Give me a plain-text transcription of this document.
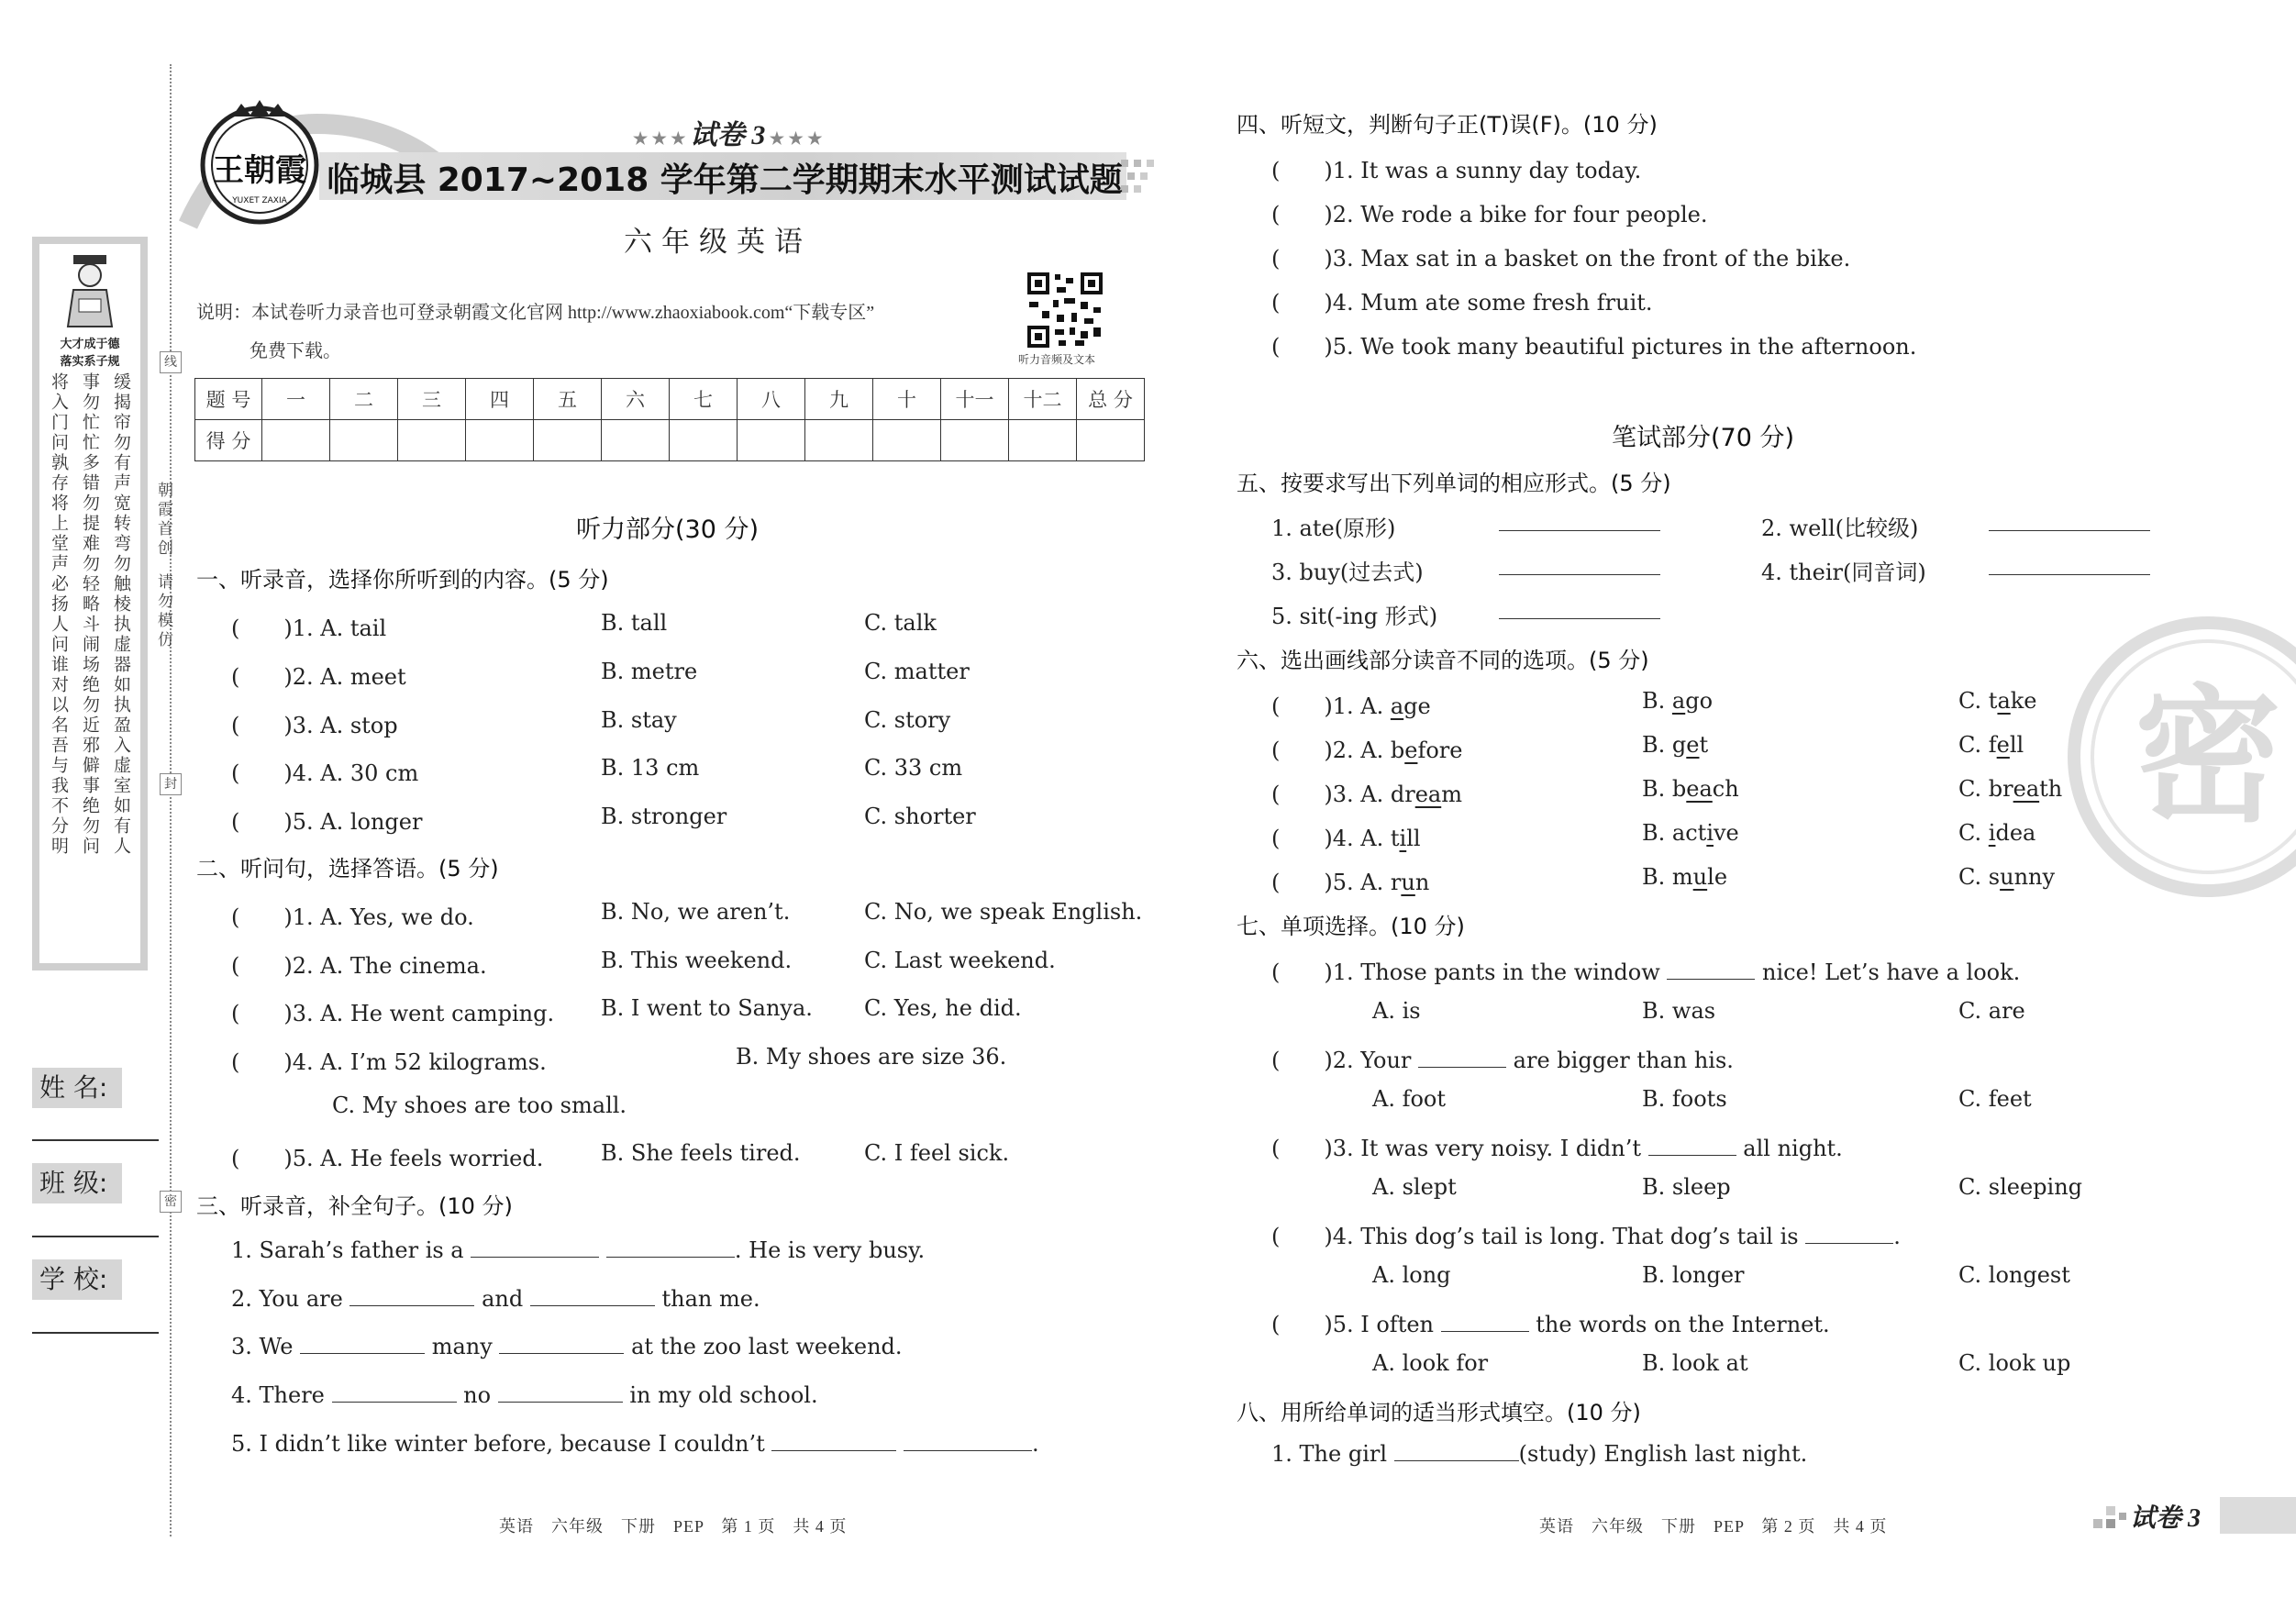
线
封
密
朝霞首创
请勿模仿
大才成于德
落实系子规
将入门问孰存将上堂声必扬人问谁对以名吾与我不分明 事勿忙忙多错勿提难勿轻略斗闹场绝勿近邪僻事绝勿问 缓揭帘勿有声宽转弯勿触棱执虚器如执盈入虚室如有人
姓 名:
班 级:
学 校:
王朝霞
YUXET ZAXIA
★ ★ ★ 试卷 3 ★ ★ ★
临城县 2017~2018 学年第二学期期末水平测试试题
六年级英语
说明：本试卷听力录音也可登录朝霞文化官网 http://www.zhaoxiabook.com“下载专区”
免费下载。	听力音频及文本
题 号	一	二	三	四	五	六	七	八	九	十	十一	十二	总 分
得 分													
听力部分(30 分)
一、听录音，选择你所听到的内容。(5 分)
(　　)1. A. tail	B. tall	C. talk
(　　)2. A. meet	B. metre	C. matter
(　　)3. A. stop	B. stay	C. story
(　　)4. A. 30 cm	B. 13 cm	C. 33 cm
(　　)5. A. longer	B. stronger	C. shorter
二、听问句，选择答语。(5 分)
(　　)1. A. Yes, we do.	B. No, we aren’t.	C. No, we speak English.
(　　)2. A. The cinema.	B. This weekend.	C. Last weekend.
(　　)3. A. He went camping. B. I went to Sanya. C. Yes, he did.
(　　)4. A. I’m 52 kilograms.	B. My shoes are size 36.
C. My shoes are too small.
(　　)5. A. He feels worried.	B. She feels tired.	C. I feel sick.
三、听录音，补全句子。(10 分)
1. Sarah’s father is a	. He is very busy.
2. You are	and	than me.
3. We	many	at the zoo last weekend.
4. There	no	in my old school.
5. I didn’t like winter before, because I couldn’t	.
英语　六年级　下册　PEP　第 1 页　共 4 页
四、听短文，判断句子正(T)误(F)。(10 分)
(　　)1. It was a sunny day today.
(　　)2. We rode a bike for four people.
(　　)3. Max sat in a basket on the front of the bike.
(　　)4. Mum ate some fresh fruit.
(　　)5. We took many beautiful pictures in the afternoon.
笔试部分(70 分)
五、按要求写出下列单词的相应形式。(5 分)
1. ate(原形)	2. well(比较级)
3. buy(过去式)	4. their(同音词)
5. sit(-ing 形式)
六、选出画线部分读音不同的选项。(5 分)
(　　)1. A. age	B. ago	C. take
(　　)2. A. before	B. get	C. fell
(　　)3. A. dream	B. beach	C. breath
(　　)4. A. till	B. active	C. idea
(　　)5. A. run	B. mule	C. sunny
七、单项选择。(10 分)
(　　)1. Those pants in the window	nice! Let’s have a look.
A. is	B. was	C. are
(　　)2. Your	are bigger than his.
A. foot	B. foots	C. feet
(　　)3. It was very noisy. I didn’t	all night.
A. slept	B. sleep	C. sleeping
(　　)4. This dog’s tail is long. That dog’s tail is	.
A. long	B. longer	C. longest
(　　)5. I often	the words on the Internet.
A. look for	B. look at	C. look up
八、用所给单词的适当形式填空。(10 分)
1. The girl	(study) English last night.
英语　六年级　下册　PEP　第 2 页　共 4 页
密
试卷 3
